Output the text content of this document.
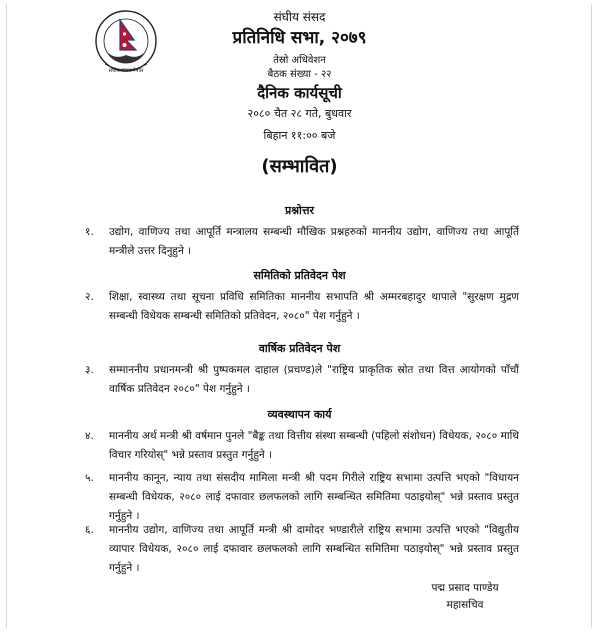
संघीय संसद नेपाल
संघीय संसद
प्रतिनिधि सभा, २०७९
तेस्रो अधिवेशन
बैठक संख्या - २२
दैनिक कार्यसूची
२०८० चैत २८ गते, बुधवार
बिहान ११:०० बजे
(सम्भावित)
प्रश्नोत्तर
१.	उद्योग, वाणिज्य तथा आपूर्ति मन्त्रालय सम्बन्धी मौखिक प्रश्नहरुको माननीय उद्योग, वाणिज्य तथा आपूर्ति मन्त्रीले उत्तर दिनुहुने ।
समितिको प्रतिवेदन पेश
२.	शिक्षा, स्वास्थ्य तथा सूचना प्रविधि समितिका माननीय सभापति श्री अम्मरबहादुर थापाले "सुरक्षण मुद्रण सम्बन्धी विधेयक सम्बन्धी समितिको प्रतिवेदन, २०८०" पेश गर्नुहुने ।
वार्षिक प्रतिवेदन पेश
३.	सम्माननीय प्रधानमन्त्री श्री पुष्पकमल दाहाल (प्रचण्ड)ले "राष्ट्रिय प्राकृतिक स्रोत तथा वित्त आयोगको पाँचौं वार्षिक प्रतिवेदन २०८०" पेश गर्नुहुने ।
व्यवस्थापन कार्य
४.	माननीय अर्थ मन्त्री श्री वर्षमान पुनले "बैङ्क तथा वित्तीय संस्था सम्बन्धी (पहिलो संशोधन) विधेयक, २०८० माथि विचार गरियोस्" भन्ने प्रस्ताव प्रस्तुत गर्नुहुने ।
५.	माननीय कानून, न्याय तथा संसदीय मामिला मन्त्री श्री पदम गिरीले राष्ट्रिय सभामा उत्पत्ति भएको "विधायन सम्बन्धी विधेयक, २०८० लाई दफावार छलफलको लागि सम्बन्धित समितिमा पठाइयोस्" भन्ने प्रस्ताव प्रस्तुत गर्नुहुने ।
६.	माननीय उद्योग, वाणिज्य तथा आपूर्ति मन्त्री श्री दामोदर भण्डारीले राष्ट्रिय सभामा उत्पत्ति भएको "विद्युतीय व्यापार विधेयक, २०८० लाई दफावार छलफलको लागि सम्बन्धित समितिमा पठाइयोस्" भन्ने प्रस्ताव प्रस्तुत गर्नुहुने ।
पद्म प्रसाद पाण्डेय
महासचिव
